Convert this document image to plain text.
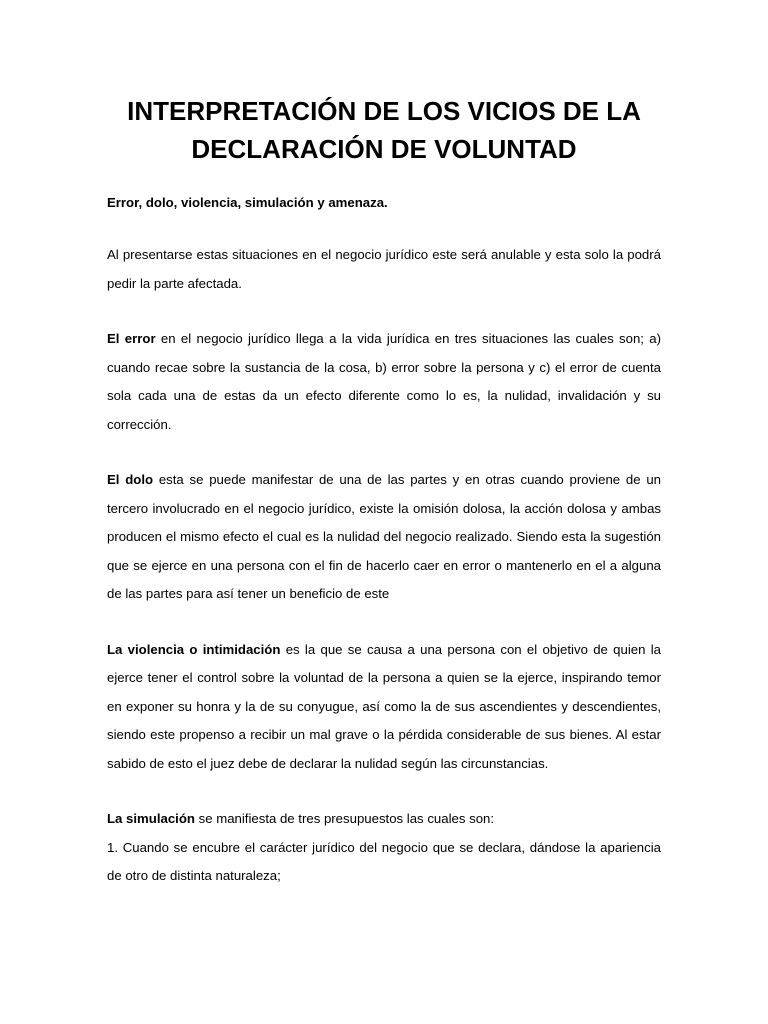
INTERPRETACIÓN DE LOS VICIOS DE LA
DECLARACIÓN DE VOLUNTAD
Error, dolo, violencia, simulación y amenaza.

Al presentarse estas situaciones en el negocio jurídico este será anulable y esta solo la podrá pedir la parte afectada.

El error en el negocio jurídico llega a la vida jurídica en tres situaciones las cuales son; a) cuando recae sobre la sustancia de la cosa, b) error sobre la persona y c) el error de cuenta sola cada una de estas da un efecto diferente como lo es, la nulidad, invalidación y su corrección.

El dolo esta se puede manifestar de una de las partes y en otras cuando proviene de un tercero involucrado en el negocio jurídico, existe la omisión dolosa, la acción dolosa y ambas producen el mismo efecto el cual es la nulidad del negocio realizado. Siendo esta la sugestión que se ejerce en una persona con el fin de hacerlo caer en error o mantenerlo en el a alguna de las partes para así tener un beneficio de este

La violencia o intimidación es la que se causa a una persona con el objetivo de quien la ejerce tener el control sobre la voluntad de la persona a quien se la ejerce, inspirando temor en exponer su honra y la de su conyugue, así como la de sus ascendientes y descendientes, siendo este propenso a recibir un mal grave o la pérdida considerable de sus bienes. Al estar sabido de esto el juez debe de declarar la nulidad según las circunstancias.

La simulación se manifiesta de tres presupuestos las cuales son:

1. Cuando se encubre el carácter jurídico del negocio que se declara, dándose la apariencia de otro de distinta naturaleza;
